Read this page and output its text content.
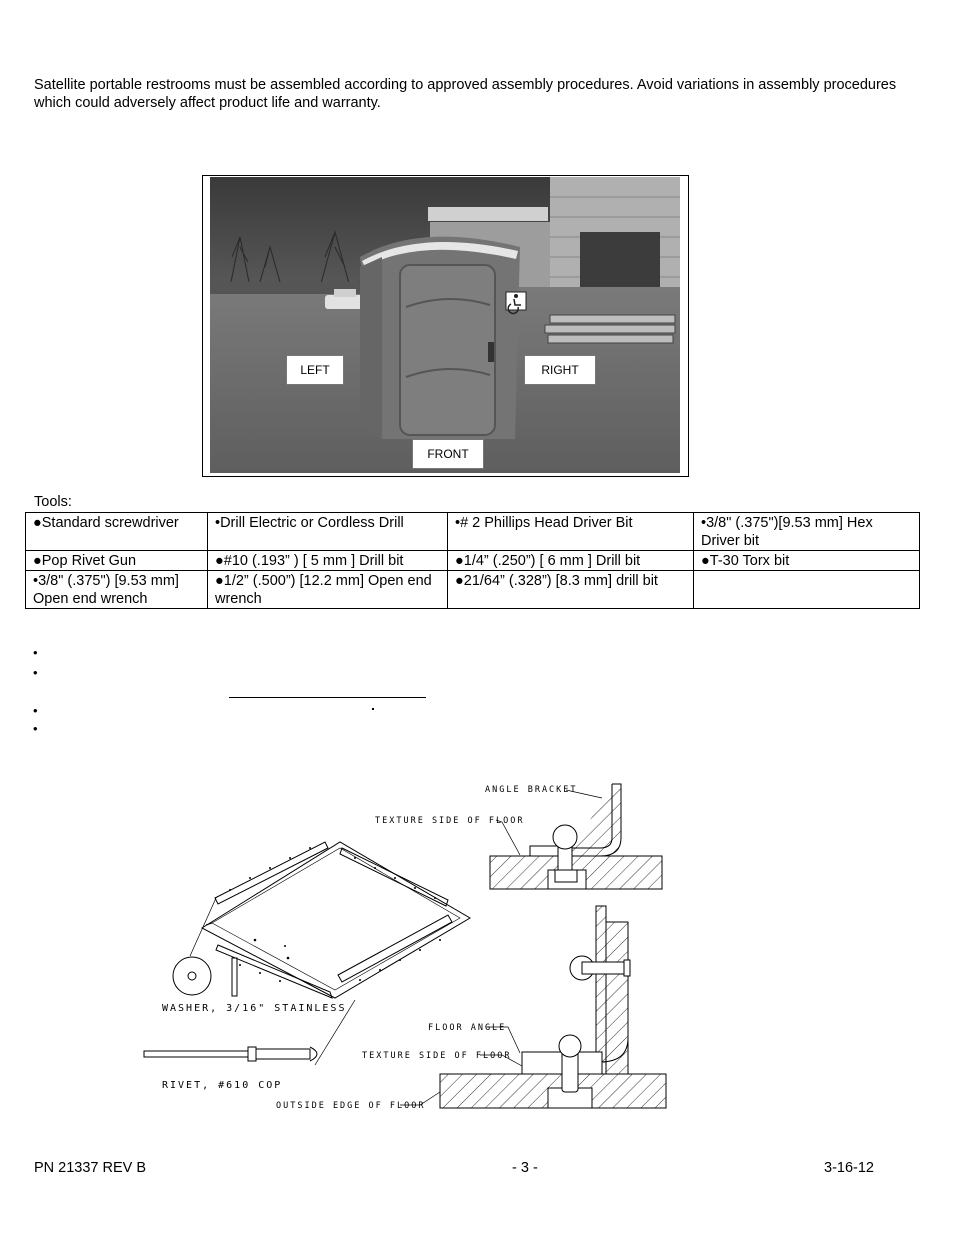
Satellite portable restrooms must be assembled according to approved assembly procedures. Avoid variations in assembly procedures which could adversely affect product life and warranty.
LEFT	RIGHT
FRONT
Tools:
●Standard screwdriver	•Drill Electric or Cordless Drill	•# 2 Phillips Head Driver Bit	•3/8" (.375")[9.53 mm] Hex Driver bit
●Pop Rivet Gun	●#10 (.193” ) [ 5 mm ] Drill bit	●1/4” (.250”) [ 6 mm ] Drill bit	●T-30 Torx bit
•3/8" (.375") [9.53 mm] Open end wrench	●1/2” (.500”) [12.2 mm] Open end wrench	●21/64” (.328”) [8.3 mm] drill bit	
•
•
•
•
WASHER, 3/16" STAINLESS
RIVET, #610 COP
ANGLE BRACKET
TEXTURE SIDE OF FLOOR
FLOOR ANGLE
TEXTURE SIDE OF FLOOR
OUTSIDE EDGE OF FLOOR
PN 21337 REV B	- 3 -	3-16-12
